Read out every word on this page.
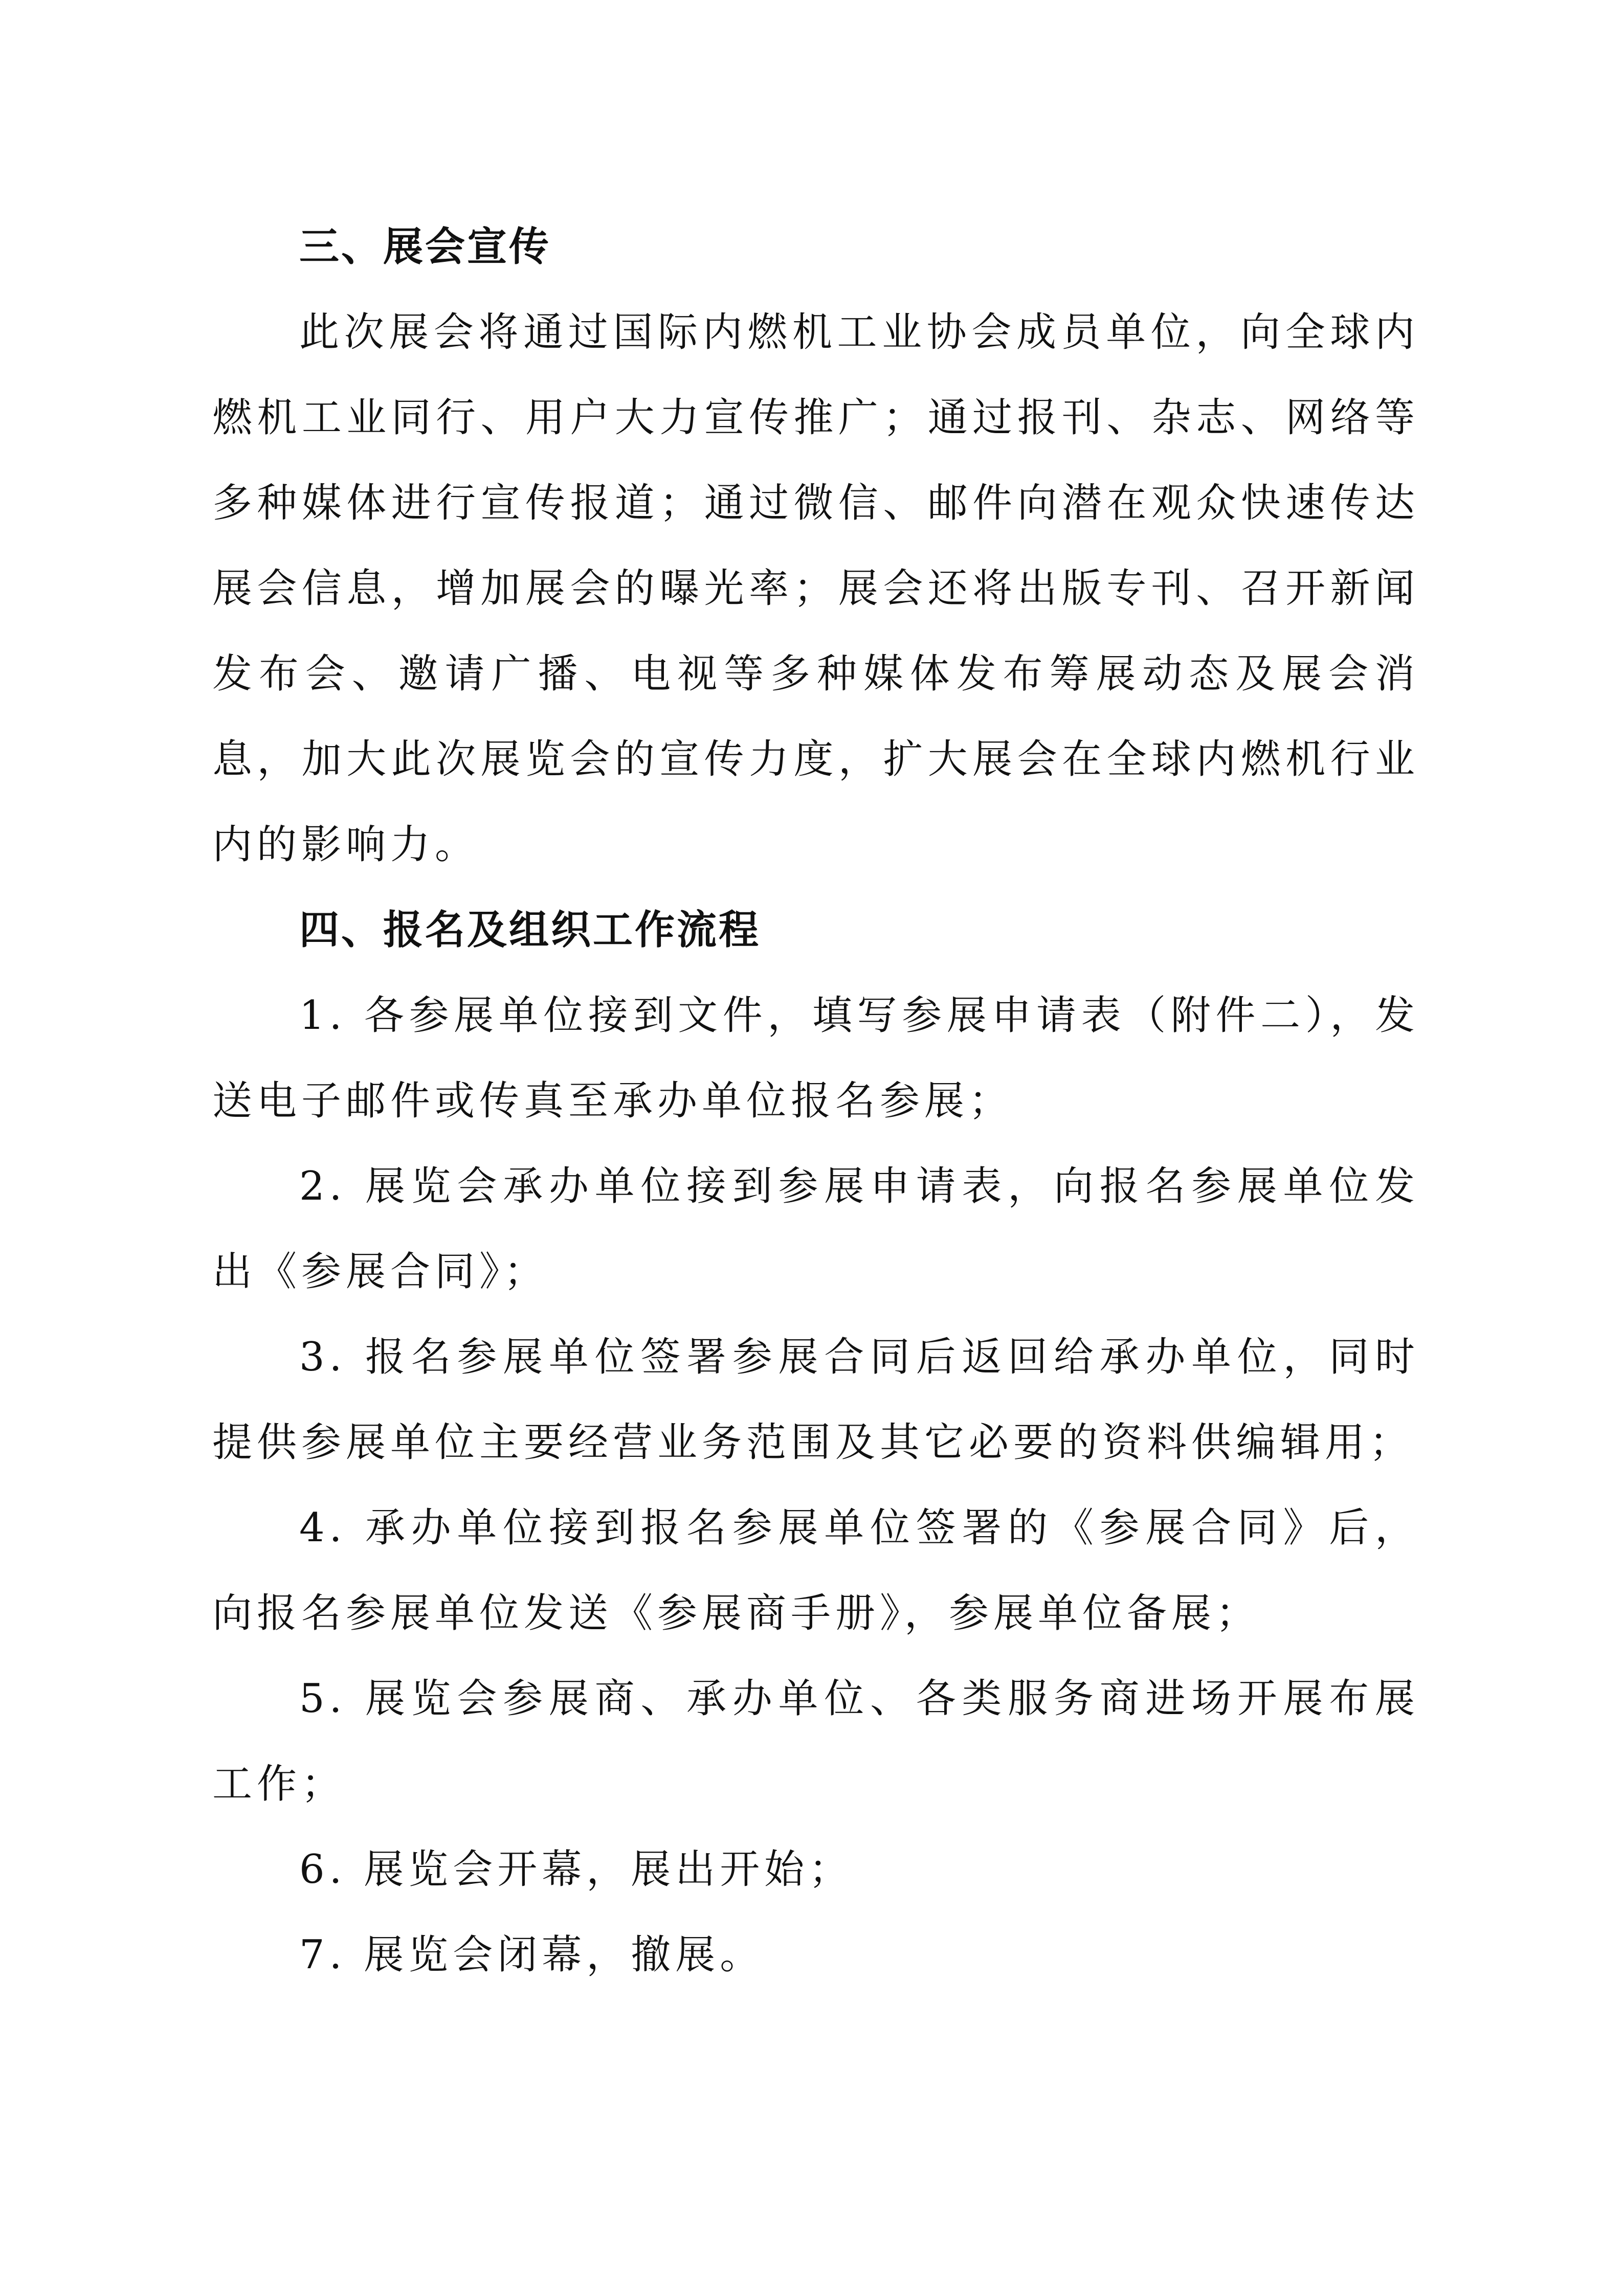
三、展会宣传

此次展会将通过国际内燃机工业协会成员单位，向全球内燃机工业同行、用户大力宣传推广；通过报刊、杂志、网络等多种媒体进行宣传报道；通过微信、邮件向潜在观众快速传达展会信息，增加展会的曝光率；展会还将出版专刊、召开新闻发布会、邀请广播、电视等多种媒体发布筹展动态及展会消息，加大此次展览会的宣传力度，扩大展会在全球内燃机行业内的影响力。

四、报名及组织工作流程

1. 各参展单位接到文件，填写参展申请表（附件二），发送电子邮件或传真至承办单位报名参展；

2. 展览会承办单位接到参展申请表，向报名参展单位发出《参展合同》；

3. 报名参展单位签署参展合同后返回给承办单位，同时提供参展单位主要经营业务范围及其它必要的资料供编辑用；

4. 承办单位接到报名参展单位签署的《参展合同》后，向报名参展单位发送《参展商手册》，参展单位备展；

5. 展览会参展商、承办单位、各类服务商进场开展布展工作；

6. 展览会开幕，展出开始；

7. 展览会闭幕，撤展。
